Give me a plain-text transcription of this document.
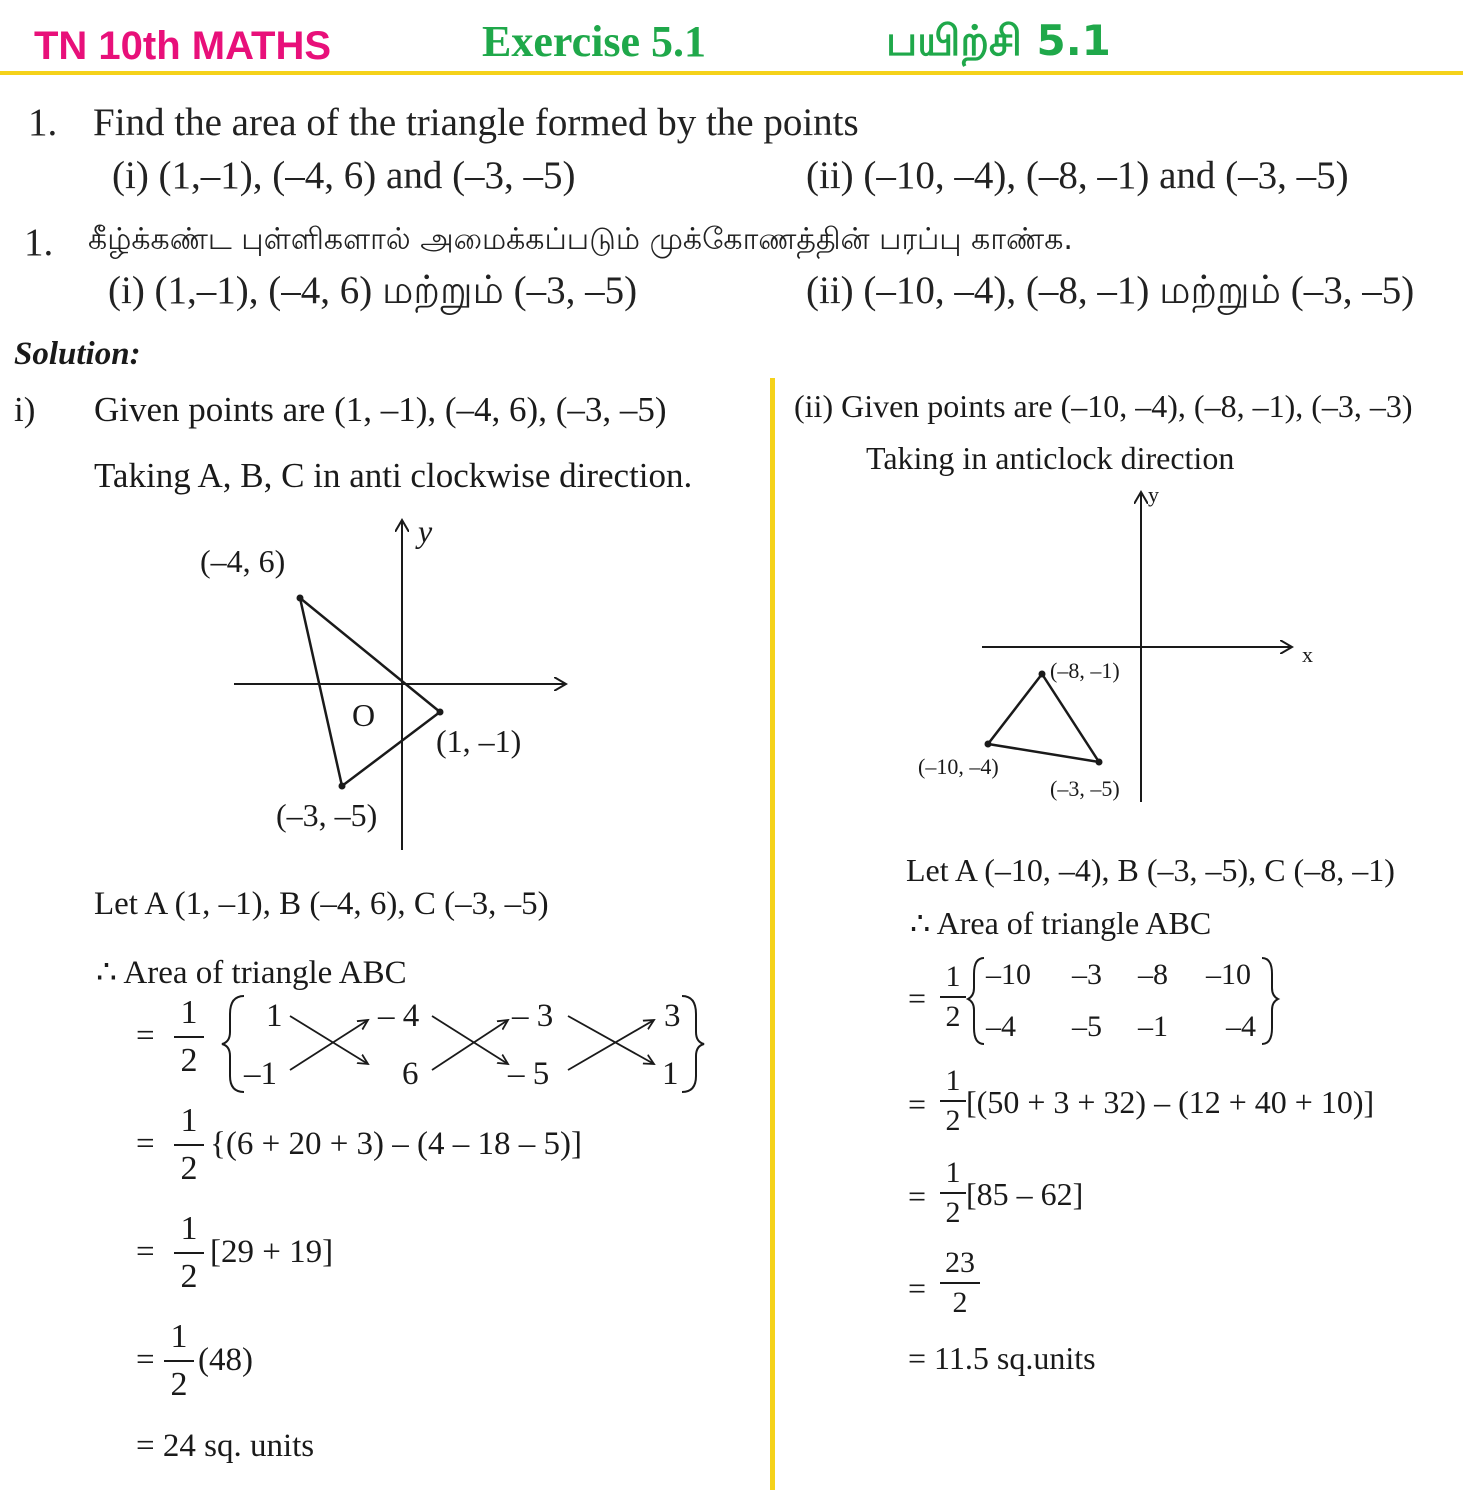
TN 10th MATHS	Exercise 5.1	பயிற்சி 5.1
1. Find the area of the triangle formed by the points
(i) (1,–1), (–4, 6) and (–3, –5)	(ii) (–10, –4), (–8, –1) and (–3, –5)
1. கீழ்க்கண்ட புள்ளிகளால் அமைக்கப்படும் முக்கோணத்தின் பரப்பு காண்க.
(i) (1,–1), (–4, 6) மற்றும் (–3, –5)	(ii) (–10, –4), (–8, –1) மற்றும் (–3, –5)
Solution:
i) Given points are (1, –1), (–4, 6), (–3, –5)
Taking A, B, C in anti clockwise direction.
y
O
(–4, 6)
(1, –1)
(–3, –5)
Let A (1, –1), B (–4, 6), C (–3, –5)
∴ Area of triangle ABC
=
1
2
1	– 4	– 3	3
–1	6	– 5	1
=
1
2
{(6 + 20 + 3) – (4 – 18 – 5)]
=
1
2
[29 + 19]
=
1
2
(48)
= 24 sq. units
(ii) Given points are (–10, –4), (–8, –1), (–3, –3)
Taking in anticlock direction
y
x
(–8, –1)
(–10, –4)
(–3, –5)
Let A (–10, –4), B (–3, –5), C (–8, –1)
∴ Area of triangle ABC
=
1
2
–10 –3 –8 –10
–4 –5 –1 –4
=
1
2
[(50 + 3 + 32) – (12 + 40 + 10)]
=
1
2
[85 – 62]
=
23
2
= 11.5 sq.units
